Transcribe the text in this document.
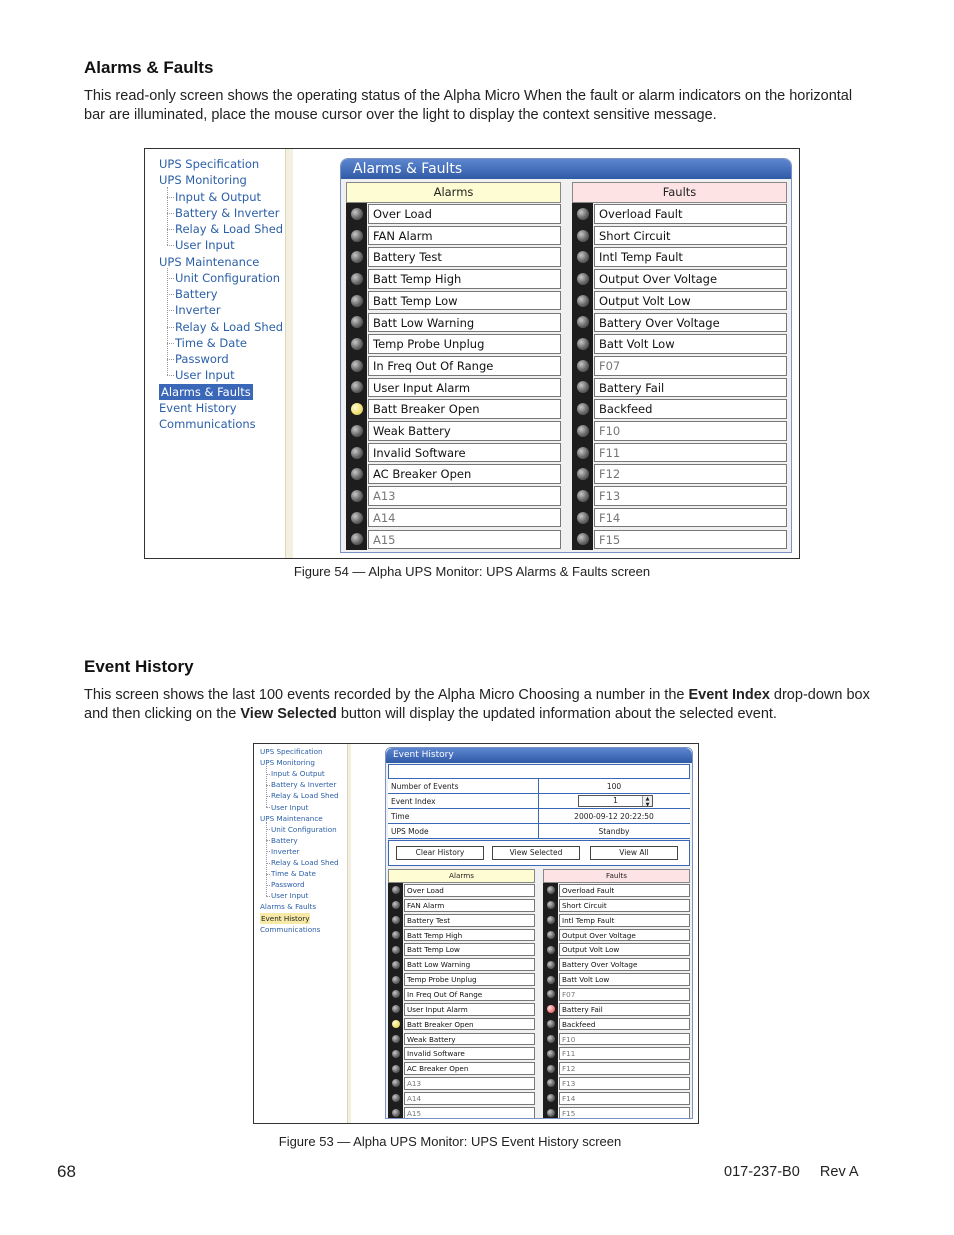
Alarms & Faults
This read-only screen shows the operating status of the Alpha Micro When the fault or alarm indicators on the horizontal bar are illuminated, place the mouse cursor over the light to display the context sensitive message.
UPS Specification
UPS Monitoring
Input & Output
Battery & Inverter
Relay & Load Shed
User Input
UPS Maintenance
Unit Configuration
Battery
Inverter
Relay & Load Shed
Time & Date
Password
User Input
Alarms & Faults
Event History
Communications
Alarms & Faults
Alarms
Over Load
FAN Alarm
Battery Test
Batt Temp High
Batt Temp Low
Batt Low Warning
Temp Probe Unplug
In Freq Out Of Range
User Input Alarm
Batt Breaker Open
Weak Battery
Invalid Software
AC Breaker Open
A13
A14
A15
Faults
Overload Fault
Short Circuit
Intl Temp Fault
Output Over Voltage
Output Volt Low
Battery Over Voltage
Batt Volt Low
F07
Battery Fail
Backfeed
F10
F11
F12
F13
F14
F15
Figure 54 — Alpha UPS Monitor: UPS Alarms & Faults screen
Event History
This screen shows the last 100 events recorded by the Alpha Micro Choosing a number in the Event Index drop-down box and then clicking on the View Selected button will display the updated information about the selected event.
UPS Specification
UPS Monitoring
Input & Output
Battery & Inverter
Relay & Load Shed
User Input
UPS Maintenance
Unit Configuration
Battery
Inverter
Relay & Load Shed
Time & Date
Password
User Input
Alarms & Faults
Event History
Communications
Event History
Number of Events	100
Event Index	1	▲
▼
Time	2000-09-12 20:22:50
UPS Mode	Standby
Clear History	View Selected	View All
Alarms
Over Load
FAN Alarm
Battery Test
Batt Temp High
Batt Temp Low
Batt Low Warning
Temp Probe Unplug
In Freq Out Of Range
User Input Alarm
Batt Breaker Open
Weak Battery
Invalid Software
AC Breaker Open
A13
A14
A15
Faults
Overload Fault
Short Circuit
Intl Temp Fault
Output Over Voltage
Output Volt Low
Battery Over Voltage
Batt Volt Low
F07
Battery Fail
Backfeed
F10
F11
F12
F13
F14
F15
Figure 53 — Alpha UPS Monitor: UPS Event History screen
68	017-237-B0     Rev A
